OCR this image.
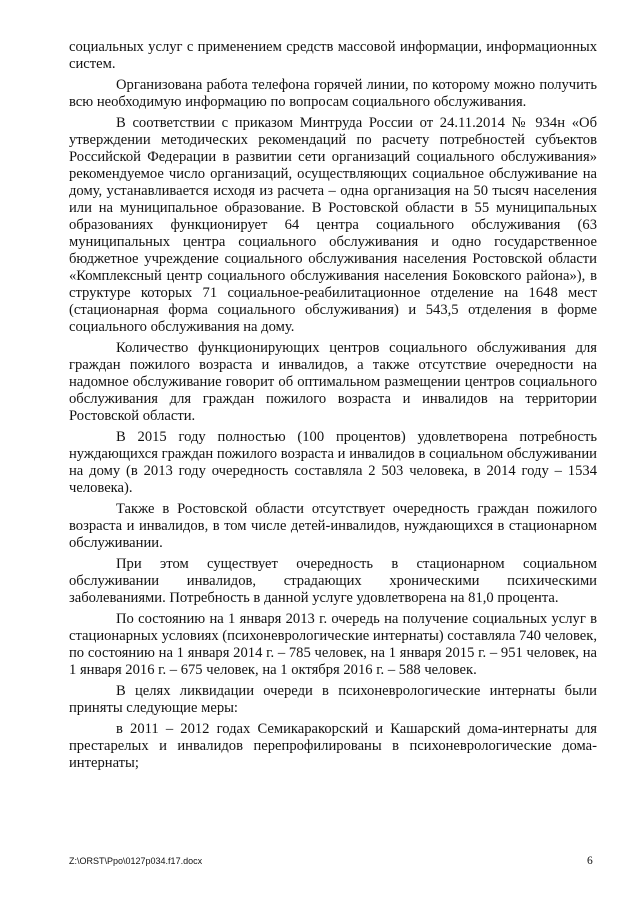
социальных услуг с применением средств массовой информации, информационных систем.

Организована работа телефона горячей линии, по которому можно получить всю необходимую информацию по вопросам социального обслуживания.

В соответствии с приказом Минтруда России от 24.11.2014 № 934н «Об утверждении методических рекомендаций по расчету потребностей субъектов Российской Федерации в развитии сети организаций социального обслуживания» рекомендуемое число организаций, осуществляющих социальное обслуживание на дому, устанавливается исходя из расчета – одна организация на 50 тысяч населения или на муниципальное образование. В Ростовской области в 55 муниципальных образованиях функционирует 64 центра социального обслуживания (63 муниципальных центра социального обслуживания и одно государственное бюджетное учреждение социального обслуживания населения Ростовской области «Комплексный центр социального обслуживания населения Боковского района»), в структуре которых 71 социальное-реабилитационное отделение на 1648 мест (стационарная форма социального обслуживания) и 543,5 отделения в форме социального обслуживания на дому.

Количество функционирующих центров социального обслуживания для граждан пожилого возраста и инвалидов, а также отсутствие очередности на надомное обслуживание говорит об оптимальном размещении центров социального обслуживания для граждан пожилого возраста и инвалидов на территории Ростовской области.

В 2015 году полностью (100 процентов) удовлетворена потребность нуждающихся граждан пожилого возраста и инвалидов в социальном обслуживании на дому (в 2013 году очередность составляла 2 503 человека, в 2014 году – 1534 человека).

Также в Ростовской области отсутствует очередность граждан пожилого возраста и инвалидов, в том числе детей-инвалидов, нуждающихся в стационарном обслуживании.

При этом существует очередность в стационарном социальном обслуживании инвалидов, страдающих хроническими психическими заболеваниями. Потребность в данной услуге удовлетворена на 81,0 процента.

По состоянию на 1 января 2013 г. очередь на получение социальных услуг в стационарных условиях (психоневрологические интернаты) составляла 740 человек, по состоянию на 1 января 2014 г. – 785 человек, на 1 января 2015 г. – 951 человек, на 1 января 2016 г. – 675 человек, на 1 октября 2016 г. – 588 человек.

В целях ликвидации очереди в психоневрологические интернаты были приняты следующие меры:

в 2011 – 2012 годах Семикаракорский и Кашарский дома-интернаты для престарелых и инвалидов перепрофилированы в психоневрологические дома-интернаты;

Z:\ORST\Ppo\0127p034.f17.docx	6
